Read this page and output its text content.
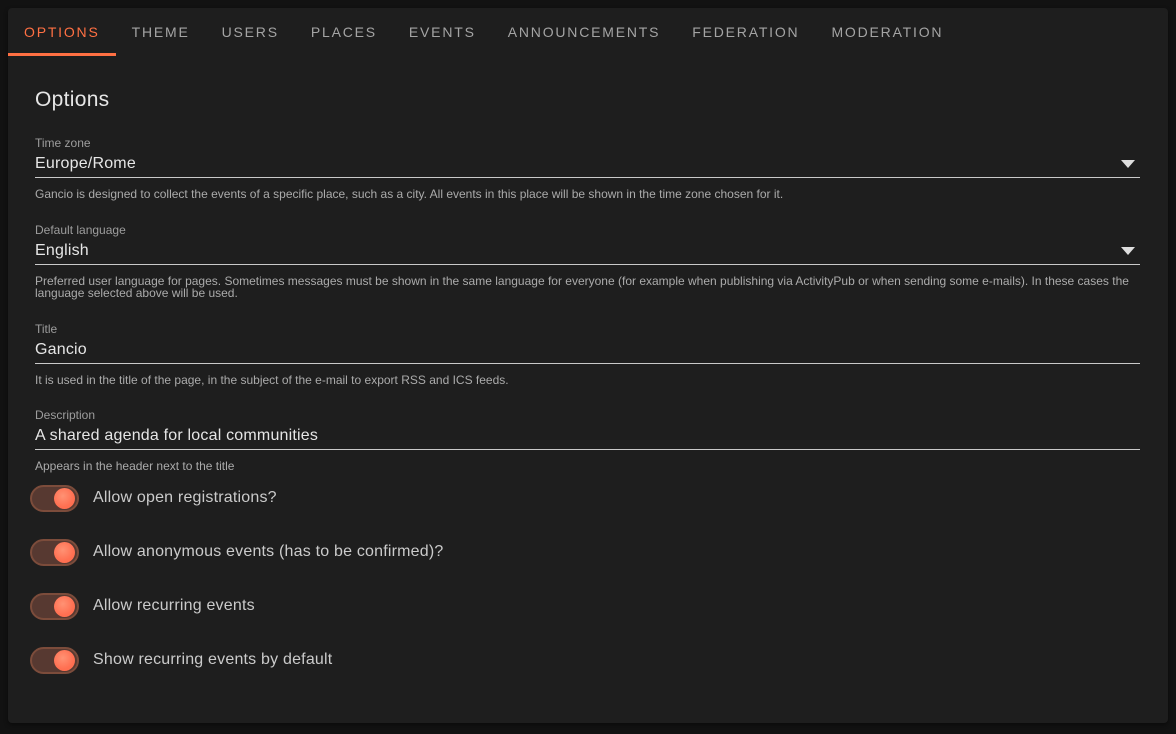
OPTIONS	THEME	USERS	PLACES	EVENTS	ANNOUNCEMENTS	FEDERATION	MODERATION
Options
Time zone
Europe/Rome
Gancio is designed to collect the events of a specific place, such as a city. All events in this place will be shown in the time zone chosen for it.
Default language
English
Preferred user language for pages. Sometimes messages must be shown in the same language for everyone (for example when publishing via ActivityPub or when sending some e-mails). In these cases the language selected above will be used.
Title
Gancio
It is used in the title of the page, in the subject of the e-mail to export RSS and ICS feeds.
Description
A shared agenda for local communities
Appears in the header next to the title
Allow open registrations?
Allow anonymous events (has to be confirmed)?
Allow recurring events
Show recurring events by default
